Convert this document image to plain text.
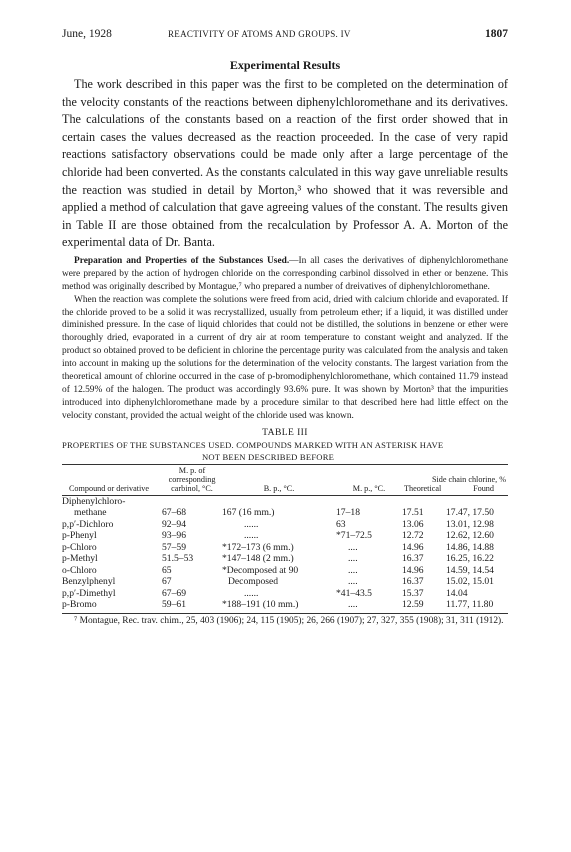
June, 1928	REACTIVITY OF ATOMS AND GROUPS. IV	1807
Experimental Results

The work described in this paper was the first to be completed on the determination of the velocity constants of the reactions between diphenylchloromethane and its derivatives. The calculations of the constants based on a reaction of the first order showed that in certain cases the values decreased as the reaction proceeded. In the case of very rapid reactions satisfactory observations could be made only after a large percentage of the chloride had been converted. As the constants calculated in this way gave unreliable results the reaction was studied in detail by Morton,³ who showed that it was reversible and applied a method of calculation that gave agreeing values of the constant. The results given in Table II are those obtained from the recalculation by Professor A. A. Morton of the experimental data of Dr. Banta.

Preparation and Properties of the Substances Used.—In all cases the derivatives of diphenylchloromethane were prepared by the action of hydrogen chloride on the corresponding carbinol dissolved in ether or benzene. This method was originally described by Montague,⁷ who prepared a number of dreivatives of diphenylchloromethane.

When the reaction was complete the solutions were freed from acid, dried with calcium chloride and evaporated. If the chloride proved to be a solid it was recrystallized, usually from petroleum ether; if a liquid, it was distilled under diminished pressure. In the case of liquid chlorides that could not be distilled, the solutions in benzene or ether were thoroughly dried, evaporated in a current of dry air at room temperature to constant weight and analyzed. If the product so obtained proved to be deficient in chlorine the percentage purity was calculated from the analysis and taken into account in making up the solutions for the determination of the velocity constants. The largest variation from the theoretical amount of chlorine occurred in the case of p-bromodiphenylchloromethane, which contained 11.79 instead of 12.59% of the halogen. The product was accordingly 93.6% pure. It was shown by Morton³ that the impurities introduced into diphenylchloromethane made by a procedure similar to that described here had little effect on the velocity constant, provided the actual weight of the chloride used was known.

TABLE III
PROPERTIES OF THE SUBSTANCES USED. COMPOUNDS MARKED WITH AN ASTERISK HAVE
NOT BEEN DESCRIBED BEFORE
Compound or derivative	M. p. of corresponding carbinol, °C.	B. p., °C.	M. p., °C.	Side chain chlorine, %
Theoretical Found	

Diphenylchloro-					
methane	67–68	167 (16 mm.)	17–18	17.51	17.47, 17.50
p,p′-Dichloro	92–94	......	63	13.06	13.01, 12.98
p-Phenyl	93–96	......	*71–72.5	12.72	12.62, 12.60
p-Chloro	57–59	*172–173 (6 mm.)	....	14.96	14.86, 14.88
p-Methyl	51.5–53	*147–148 (2 mm.)	....	16.37	16.25, 16.22
o-Chloro	65	*Decomposed at 90	....	14.96	14.59, 14.54
Benzylphenyl	67	Decomposed	....	16.37	15.02, 15.01
p,p′-Dimethyl	67–69	......	*41–43.5	15.37	14.04
p-Bromo	59–61	*188–191 (10 mm.)	....	12.59	11.77, 11.80
⁷ Montague, Rec. trav. chim., 25, 403 (1906); 24, 115 (1905); 26, 266 (1907); 27, 327, 355 (1908); 31, 311 (1912).
